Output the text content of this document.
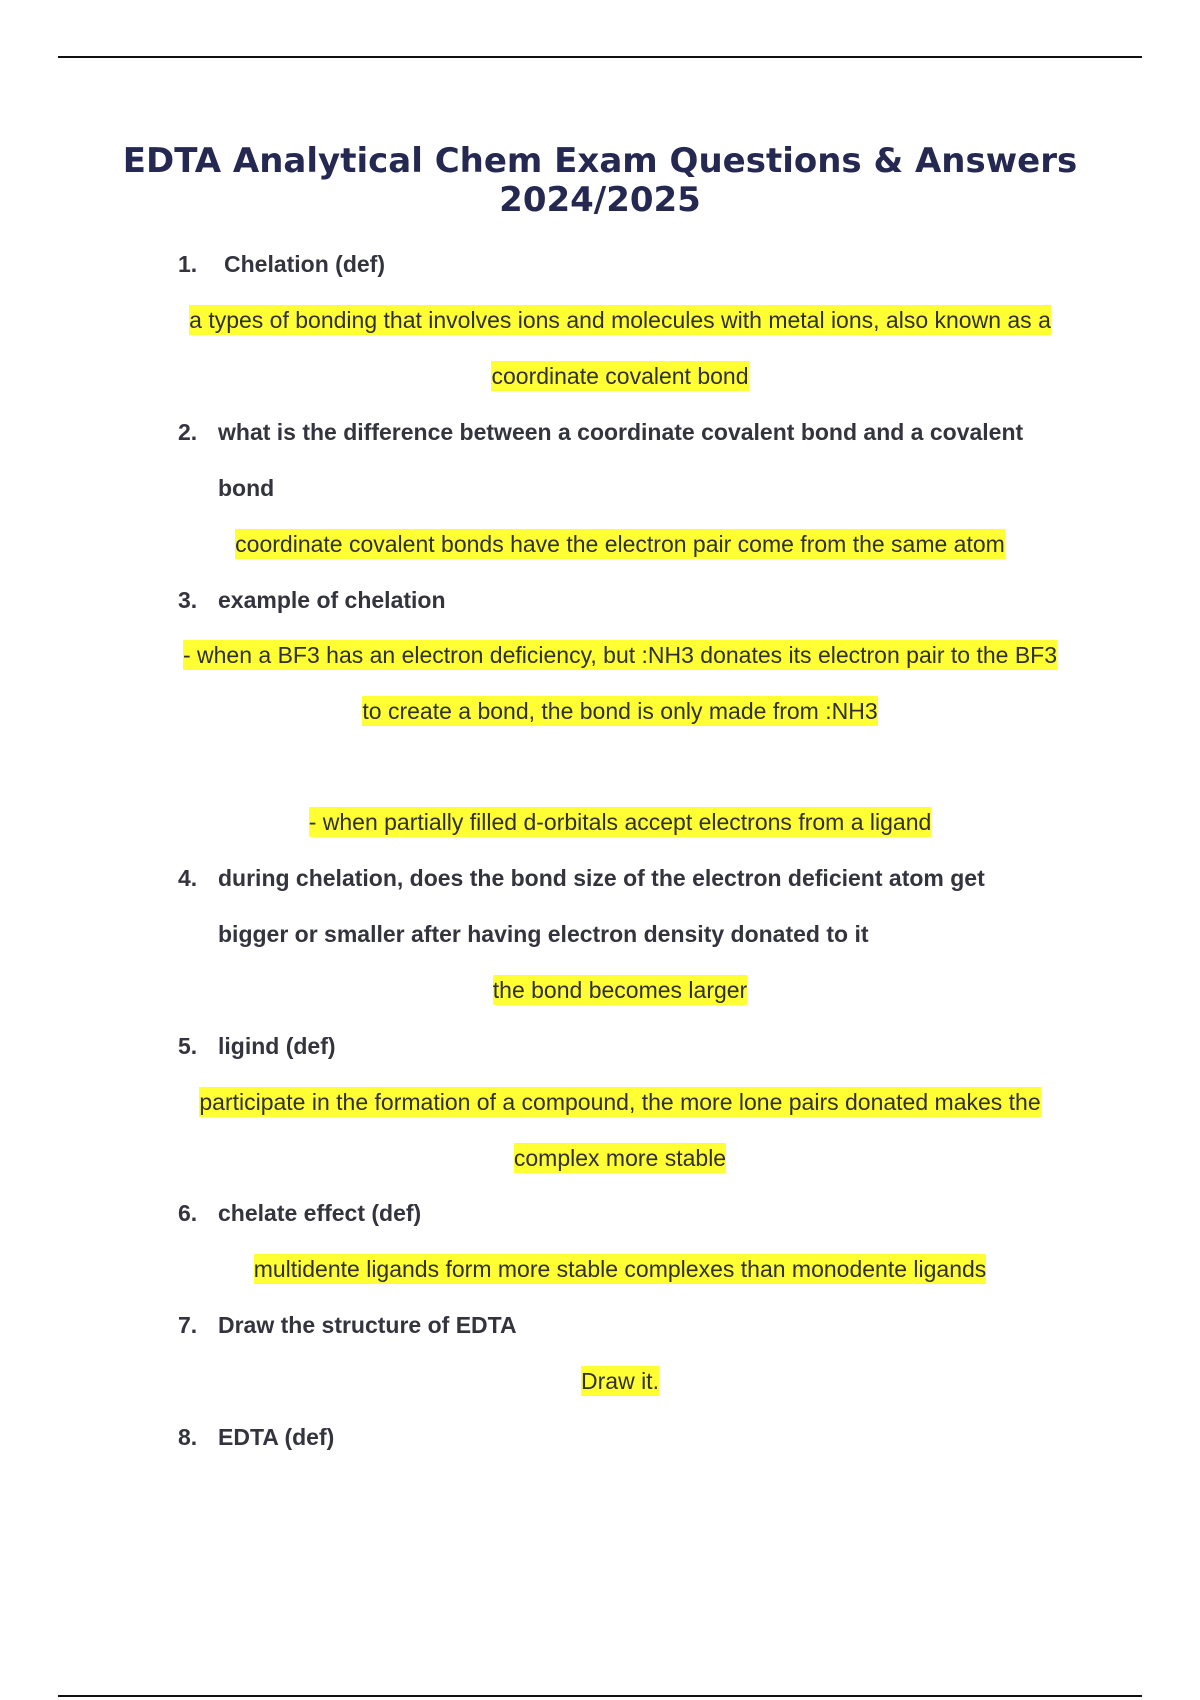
EDTA Analytical Chem Exam Questions & Answers
2024/2025
1.	Chelation (def)
a types of bonding that involves ions and molecules with metal ions, also known as a
coordinate covalent bond
2. what is the difference between a coordinate covalent bond and a covalent
bond
coordinate covalent bonds have the electron pair come from the same atom
3. example of chelation
- when a BF3 has an electron deficiency, but :NH3 donates its electron pair to the BF3
to create a bond, the bond is only made from :NH3
- when partially filled d-orbitals accept electrons from a ligand
4. during chelation, does the bond size of the electron deficient atom get
bigger or smaller after having electron density donated to it
the bond becomes larger
5. ligind (def)
participate in the formation of a compound, the more lone pairs donated makes the
complex more stable
6. chelate effect (def)
multidente ligands form more stable complexes than monodente ligands
7. Draw the structure of EDTA
Draw it.
8. EDTA (def)
